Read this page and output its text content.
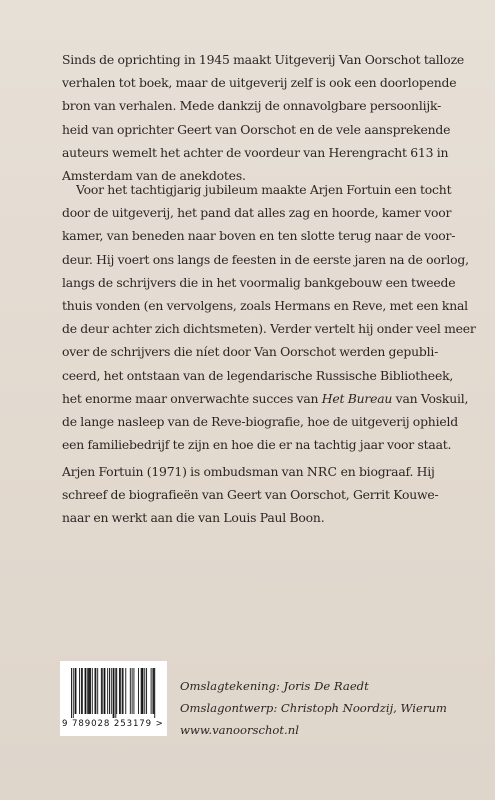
Sinds de oprichting in 1945 maakt Uitgeverij Van Oorschot talloze
verhalen tot boek, maar de uitgeverij zelf is ook een doorlopende
bron van verhalen. Mede dankzij de onnavolgbare persoonlijk-
heid van oprichter Geert van Oorschot en de vele aansprekende
auteurs wemelt het achter de voordeur van Herengracht 613 in
Amsterdam van de anekdotes.
Voor het tachtigjarig jubileum maakte Arjen Fortuin een tocht
door de uitgeverij, het pand dat alles zag en hoorde, kamer voor
kamer, van beneden naar boven en ten slotte terug naar de voor-
deur. Hij voert ons langs de feesten in de eerste jaren na de oorlog,
langs de schrijvers die in het voormalig bankgebouw een tweede
thuis vonden (en vervolgens, zoals Hermans en Reve, met een knal
de deur achter zich dichtsmeten). Verder vertelt hij onder veel meer
over de schrijvers die níet door Van Oorschot werden gepubli-
ceerd, het ontstaan van de legendarische Russische Bibliotheek,
het enorme maar onverwachte succes van Het Bureau van Voskuil,
de lange nasleep van de Reve-biografie, hoe de uitgeverij ophield
een familiebedrijf te zijn en hoe die er na tachtig jaar voor staat.
Arjen Fortuin (1971) is ombudsman van NRC en biograaf. Hij
schreef de biografieën van Geert van Oorschot, Gerrit Kouwe-
naar en werkt aan die van Louis Paul Boon.
9 789028 253179 >
Omslagtekening: Joris De Raedt
Omslagontwerp: Christoph Noordzij, Wierum
www.vanoorschot.nl
